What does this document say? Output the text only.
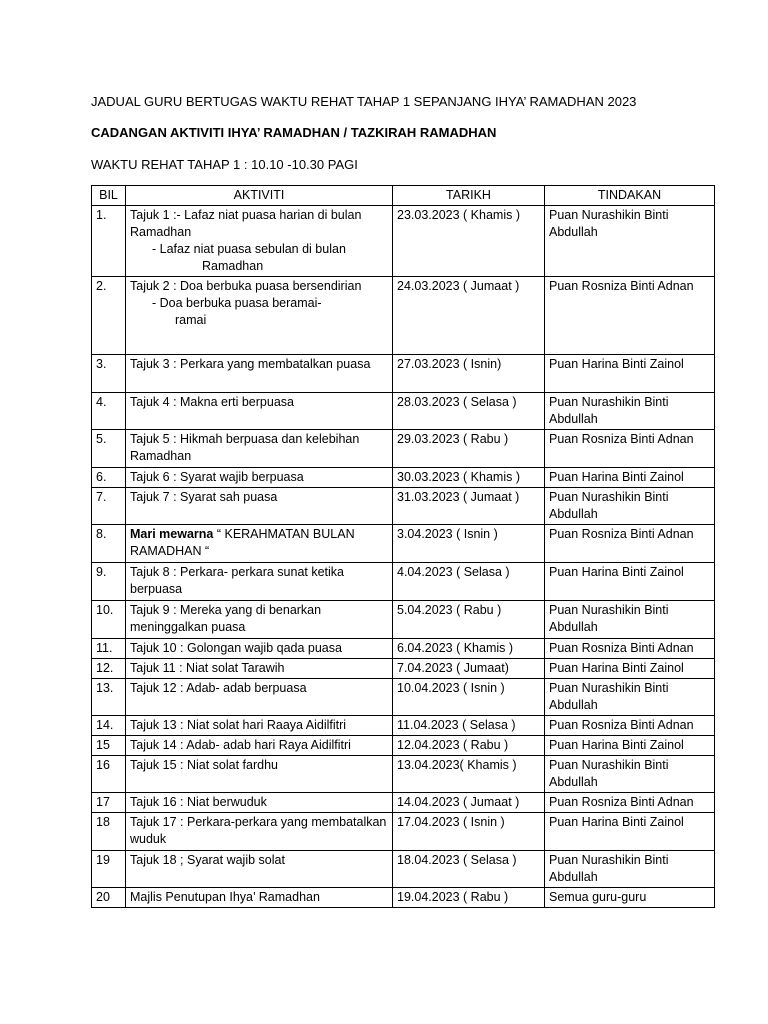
JADUAL GURU BERTUGAS WAKTU REHAT TAHAP 1 SEPANJANG IHYA’ RAMADHAN 2023
CADANGAN AKTIVITI IHYA’ RAMADHAN / TAZKIRAH RAMADHAN
WAKTU REHAT TAHAP 1 : 10.10 -10.30 PAGI
BIL	AKTIVITI	TARIKH	TINDAKAN
1.	Tajuk 1 :- Lafaz niat puasa harian di bulan Ramadhan
- Lafaz niat puasa sebulan di bulan
Ramadhan	23.03.2023 ( Khamis )	Puan Nurashikin Binti Abdullah
2.	Tajuk 2 : Doa berbuka puasa bersendirian
- Doa berbuka puasa beramai-
ramai	24.03.2023 ( Jumaat )	Puan Rosniza Binti Adnan
3.	Tajuk 3 : Perkara yang membatalkan puasa	27.03.2023 ( Isnin)	Puan Harina Binti Zainol
4.	Tajuk 4 : Makna erti berpuasa	28.03.2023 ( Selasa )	Puan Nurashikin Binti Abdullah
5.	Tajuk 5 : Hikmah berpuasa dan kelebihan Ramadhan	29.03.2023 ( Rabu )	Puan Rosniza Binti Adnan
6.	Tajuk 6 : Syarat wajib berpuasa	30.03.2023 ( Khamis )	Puan Harina Binti Zainol
7.	Tajuk 7 : Syarat sah puasa	31.03.2023 ( Jumaat )	Puan Nurashikin Binti Abdullah
8.	Mari mewarna “ KERAHMATAN BULAN RAMADHAN “	3.04.2023 ( Isnin )	Puan Rosniza Binti Adnan
9.	Tajuk 8 : Perkara- perkara sunat ketika berpuasa	4.04.2023 ( Selasa )	Puan Harina Binti Zainol
10.	Tajuk 9 : Mereka yang di benarkan meninggalkan puasa	5.04.2023 ( Rabu )	Puan Nurashikin Binti Abdullah
11.	Tajuk 10 : Golongan wajib qada puasa	6.04.2023 ( Khamis )	Puan Rosniza Binti Adnan
12.	Tajuk 11 : Niat solat Tarawih	7.04.2023 ( Jumaat)	Puan Harina Binti Zainol
13.	Tajuk 12 : Adab- adab berpuasa	10.04.2023 ( Isnin )	Puan Nurashikin Binti Abdullah
14.	Tajuk 13 : Niat solat hari Raaya Aidilfitri	11.04.2023 ( Selasa )	Puan Rosniza Binti Adnan
15	Tajuk 14 : Adab- adab hari Raya Aidilfitri	12.04.2023 ( Rabu )	Puan Harina Binti Zainol
16	Tajuk 15 : Niat solat fardhu	13.04.2023( Khamis )	Puan Nurashikin Binti Abdullah
17	Tajuk 16 : Niat berwuduk	14.04.2023 ( Jumaat )	Puan Rosniza Binti Adnan
18	Tajuk 17 : Perkara-perkara yang membatalkan wuduk	17.04.2023 ( Isnin )	Puan Harina Binti Zainol
19	Tajuk 18 ; Syarat wajib solat	18.04.2023 ( Selasa )	Puan Nurashikin Binti Abdullah
20	Majlis Penutupan Ihya’ Ramadhan	19.04.2023 ( Rabu )	Semua guru-guru
